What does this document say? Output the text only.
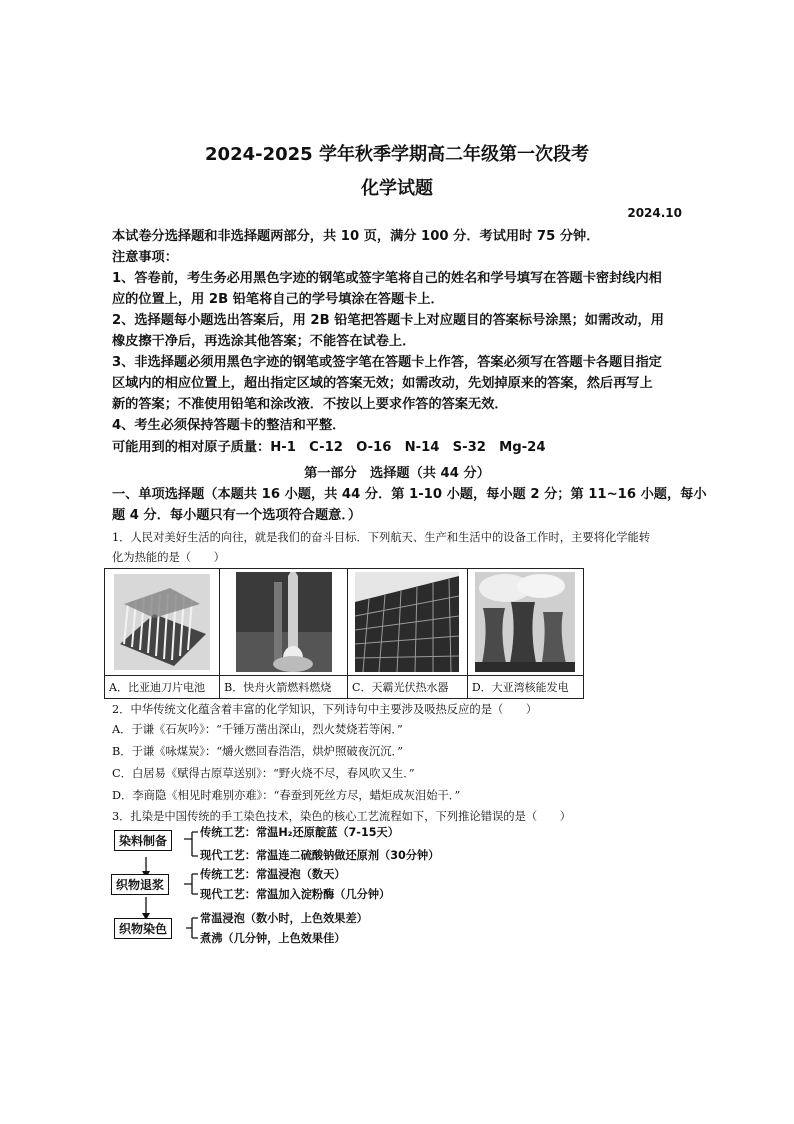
2024-2025 学年秋季学期高二年级第一次段考
化学试题
2024.10
本试卷分选择题和非选择题两部分，共 10 页，满分 100 分．考试用时 75 分钟．
注意事项：
1、答卷前，考生务必用黑色字迹的钢笔或签字笔将自己的姓名和学号填写在答题卡密封线内相
应的位置上，用 2B 铅笔将自己的学号填涂在答题卡上．
2、选择题每小题选出答案后，用 2B 铅笔把答题卡上对应题目的答案标号涂黑；如需改动，用
橡皮擦干净后，再选涂其他答案；不能答在试卷上．
3、非选择题必须用黑色字迹的钢笔或签字笔在答题卡上作答，答案必须写在答题卡各题目指定
区域内的相应位置上，超出指定区域的答案无效；如需改动，先划掉原来的答案，然后再写上
新的答案；不准使用铅笔和涂改液．不按以上要求作答的答案无效．
4、考生必须保持答题卡的整洁和平整．
可能用到的相对原子质量：H-1　C-12　O-16　N-14　S-32　Mg-24
第一部分　选择题（共 44 分）
一、单项选择题（本题共 16 小题，共 44 分．第 1-10 小题，每小题 2 分；第 11~16 小题，每小
题 4 分．每小题只有一个选项符合题意．）
1．人民对美好生活的向往，就是我们的奋斗目标．下列航天、生产和生活中的设备工作时，主要将化学能转
化为热能的是（　　）

A．比亚迪刀片电池	B．快舟火箭燃料燃烧	C．天霸光伏热水器	D．大亚湾核能发电
2．中华传统文化蕴含着丰富的化学知识，下列诗句中主要涉及吸热反应的是（　　）
A．于谦《石灰吟》：“千锤万凿出深山，烈火焚烧若等闲．”
B．于谦《咏煤炭》：“爝火燃回春浩浩，烘炉照破夜沉沉．”
C．白居易《赋得古原草送别》：“野火烧不尽，春风吹又生．”
D．李商隐《相见时难别亦难》：“春蚕到死丝方尽，蜡炬成灰泪始干．”
3．扎染是中国传统的手工染色技术，染色的核心工艺流程如下，下列推论错误的是（　　）
染料制备
织物退浆
织物染色
传统工艺：常温H₂还原靛蓝（7-15天）
现代工艺：常温连二硫酸钠做还原剂（30分钟）
传统工艺：常温浸泡（数天）
现代工艺：常温加入淀粉酶（几分钟）
常温浸泡（数小时，上色效果差）
煮沸（几分钟，上色效果佳）
